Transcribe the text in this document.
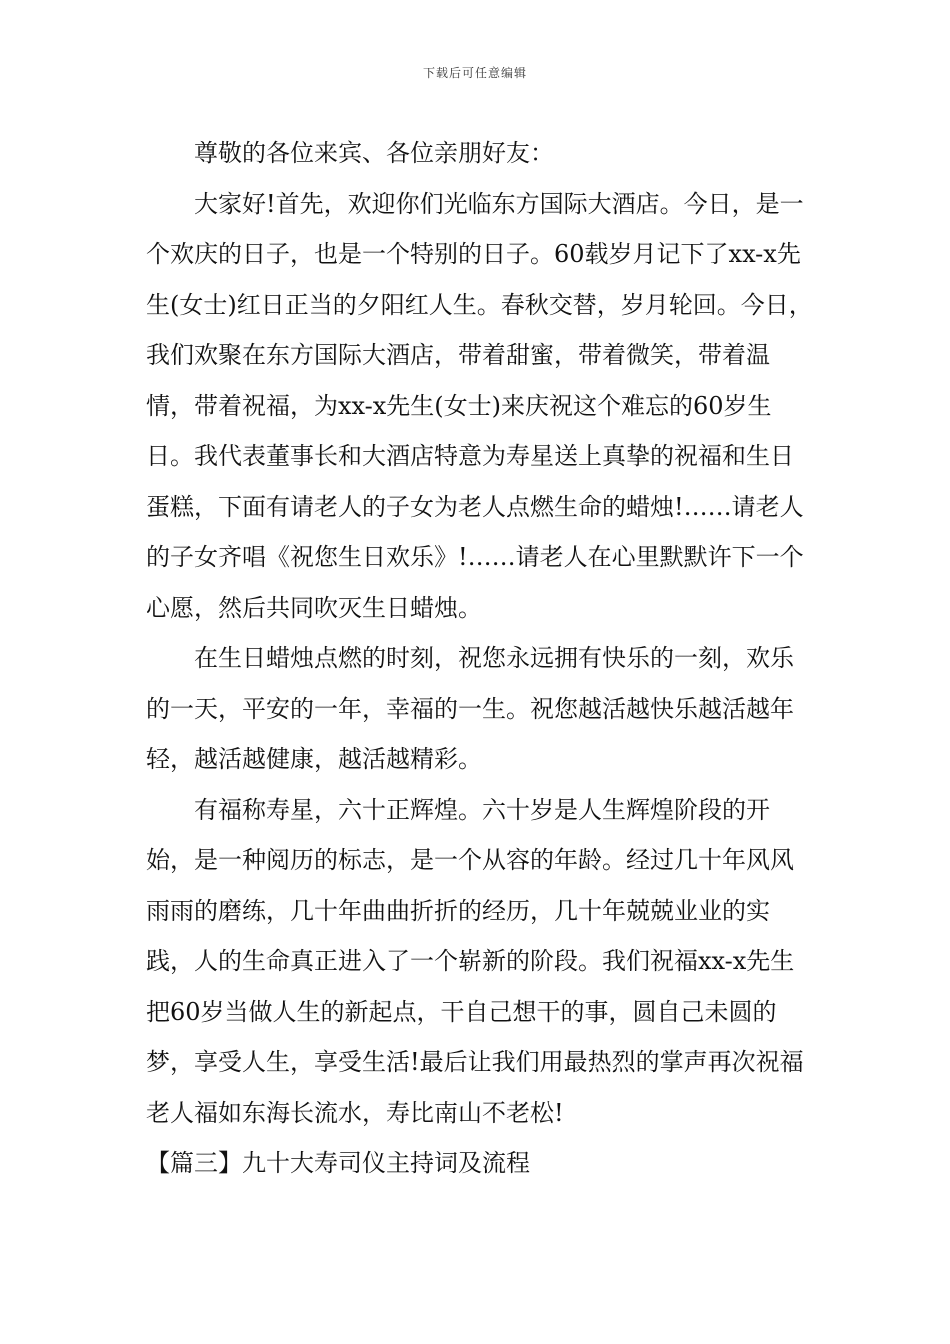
下载后可任意编辑

尊敬的各位来宾、各位亲朋好友：

大家好!首先，欢迎你们光临东方国际大酒店。今日，是一个欢庆的日子，也是一个特别的日子。60载岁月记下了xx-x先生(女士)红日正当的夕阳红人生。春秋交替，岁月轮回。今日，我们欢聚在东方国际大酒店，带着甜蜜，带着微笑，带着温情，带着祝福，为xx-x先生(女士)来庆祝这个难忘的60岁生日。我代表董事长和大酒店特意为寿星送上真挚的祝福和生日蛋糕，下面有请老人的子女为老人点燃生命的蜡烛!……请老人的子女齐唱《祝您生日欢乐》!……请老人在心里默默许下一个心愿，然后共同吹灭生日蜡烛。

在生日蜡烛点燃的时刻，祝您永远拥有快乐的一刻，欢乐的一天，平安的一年，幸福的一生。祝您越活越快乐越活越年轻，越活越健康，越活越精彩。

有福称寿星，六十正辉煌。六十岁是人生辉煌阶段的开始，是一种阅历的标志，是一个从容的年龄。经过几十年风风雨雨的磨练，几十年曲曲折折的经历，几十年兢兢业业的实践，人的生命真正进入了一个崭新的阶段。我们祝福xx-x先生把60岁当做人生的新起点，干自己想干的事，圆自己未圆的梦，享受人生，享受生活!最后让我们用最热烈的掌声再次祝福老人福如东海长流水，寿比南山不老松!

【篇三】九十大寿司仪主持词及流程
